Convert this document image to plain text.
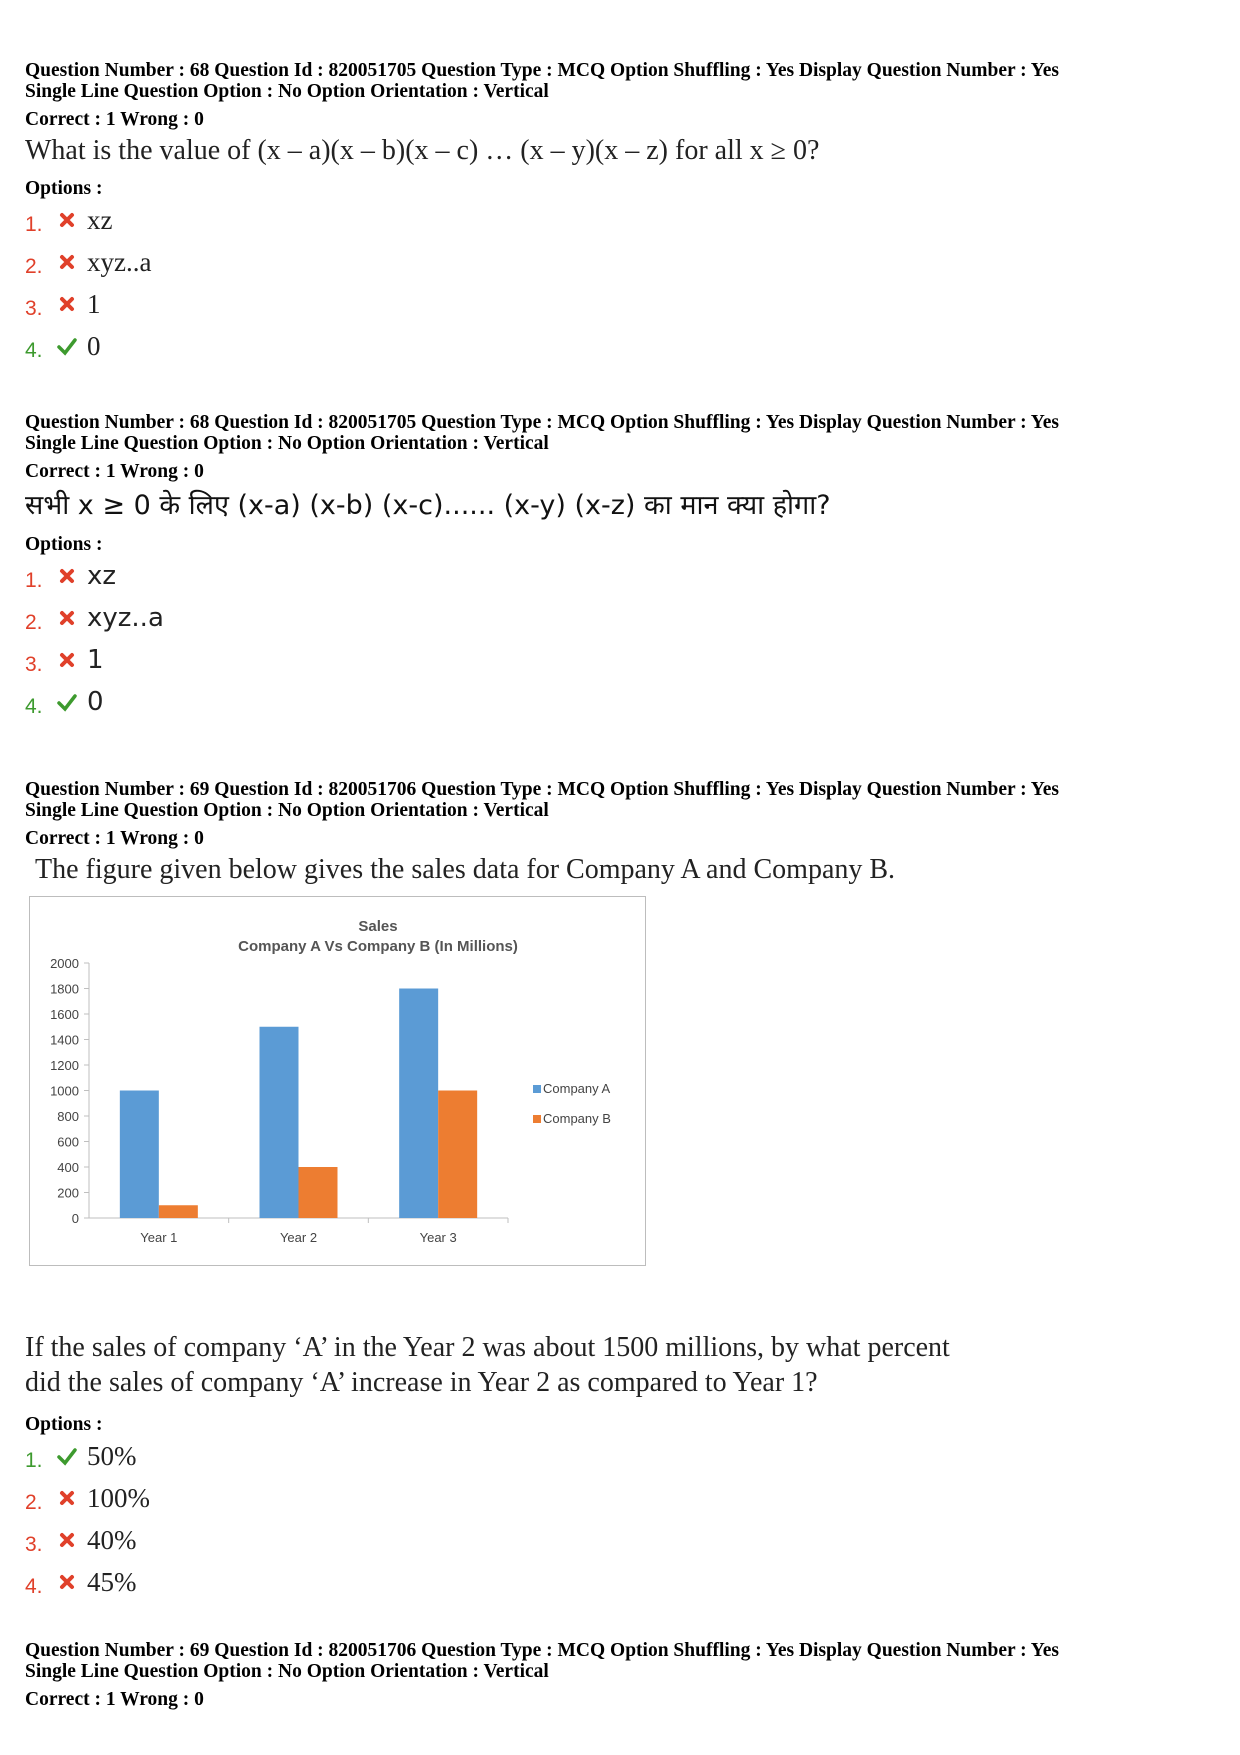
Question Number : 68 Question Id : 820051705 Question Type : MCQ Option Shuffling : Yes Display Question Number : Yes
Single Line Question Option : No Option Orientation : Vertical
Correct : 1 Wrong : 0
What is the value of (x – a)(x – b)(x – c) … (x – y)(x – z) for all x ≥ 0?
Options :
1.	xz
2.	xyz..a
3.	1
4.	0
Question Number : 68 Question Id : 820051705 Question Type : MCQ Option Shuffling : Yes Display Question Number : Yes
Single Line Question Option : No Option Orientation : Vertical
Correct : 1 Wrong : 0
सभी x ≥ 0 के लिए (x-a) (x-b) (x-c)...... (x-y) (x-z) का मान क्या होगा?
Options :
1.	xz
2.	xyz..a
3.	1
4.	0
Question Number : 69 Question Id : 820051706 Question Type : MCQ Option Shuffling : Yes Display Question Number : Yes
Single Line Question Option : No Option Orientation : Vertical
Correct : 1 Wrong : 0
The figure given below gives the sales data for Company A and Company B.
Sales
Company A Vs Company B (In Millions)
0
200
400
600
800
1000
1200
1400
1600
1800
2000
Year 1	Year 2	Year 3
Company A
Company B
If the sales of company ‘A’ in the Year 2 was about 1500 millions, by what percent
did the sales of company ‘A’ increase in Year 2 as compared to Year 1?
Options :
1.	50%
2.	100%
3.	40%
4.	45%
Question Number : 69 Question Id : 820051706 Question Type : MCQ Option Shuffling : Yes Display Question Number : Yes
Single Line Question Option : No Option Orientation : Vertical
Correct : 1 Wrong : 0
